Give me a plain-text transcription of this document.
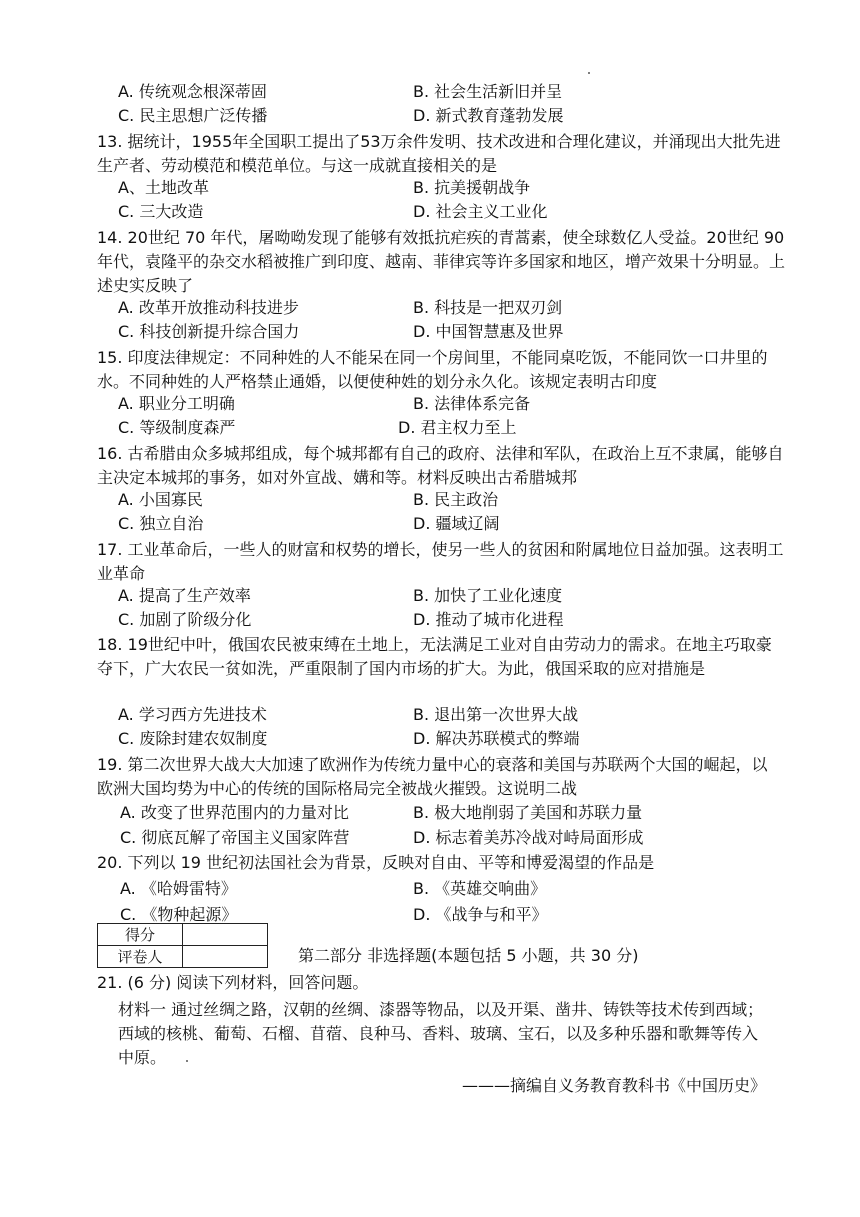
A. 传统观念根深蒂固	B. 社会生活新旧并呈
C. 民主思想广泛传播	D. 新式教育蓬勃发展
13. 据统计，1955年全国职工提出了53万余件发明、技术改进和合理化建议，并涌现出大批先进生产者、劳动模范和模范单位。与这一成就直接相关的是
A、土地改革	B. 抗美援朝战争
C. 三大改造	D. 社会主义工业化
14. 20世纪 70 年代，屠呦呦发现了能够有效抵抗疟疾的青蒿素，使全球数亿人受益。20世纪 90年代，袁隆平的杂交水稻被推广到印度、越南、菲律宾等许多国家和地区，增产效果十分明显。上述史实反映了
A. 改革开放推动科技进步	B. 科技是一把双刃剑
C. 科技创新提升综合国力	D. 中国智慧惠及世界
15. 印度法律规定：不同种姓的人不能呆在同一个房间里，不能同桌吃饭，不能同饮一口井里的水。不同种姓的人严格禁止通婚，以便使种姓的划分永久化。该规定表明古印度
A. 职业分工明确	B. 法律体系完备
C. 等级制度森严	D. 君主权力至上
16. 古希腊由众多城邦组成，每个城邦都有自己的政府、法律和军队，在政治上互不隶属，能够自主决定本城邦的事务，如对外宣战、媾和等。材料反映出古希腊城邦
A. 小国寡民	B. 民主政治
C. 独立自治	D. 疆域辽阔
17. 工业革命后，一些人的财富和权势的增长，使另一些人的贫困和附属地位日益加强。这表明工业革命
A. 提高了生产效率	B. 加快了工业化速度
C. 加剧了阶级分化	D. 推动了城市化进程
18. 19世纪中叶，俄国农民被束缚在土地上，无法满足工业对自由劳动力的需求。在地主巧取豪夺下，广大农民一贫如洗，严重限制了国内市场的扩大。为此，俄国采取的应对措施是
A. 学习西方先进技术	B. 退出第一次世界大战
C. 废除封建农奴制度	D. 解决苏联模式的弊端
19. 第二次世界大战大大加速了欧洲作为传统力量中心的衰落和美国与苏联两个大国的崛起，以欧洲大国均势为中心的传统的国际格局完全被战火摧毁。这说明二战
A. 改变了世界范围内的力量对比	B. 极大地削弱了美国和苏联力量
C. 彻底瓦解了帝国主义国家阵营	D. 标志着美苏冷战对峙局面形成
20. 下列以 19 世纪初法国社会为背景，反映对自由、平等和博爱渴望的作品是
A. 《哈姆雷特》	B. 《英雄交响曲》
C. 《物种起源》	D. 《战争与和平》
得分	
评卷人		第二部分 非选择题(本题包括 5 小题，共 30 分)
21. (6 分) 阅读下列材料，回答问题。
材料一 通过丝绸之路，汉朝的丝绸、漆器等物品，以及开渠、凿井、铸铁等技术传到西域；西域的核桃、葡萄、石榴、苜蓿、良种马、香料、玻璃、宝石，以及多种乐器和歌舞等传入中原。
———摘编自义务教育教科书《中国历史》
